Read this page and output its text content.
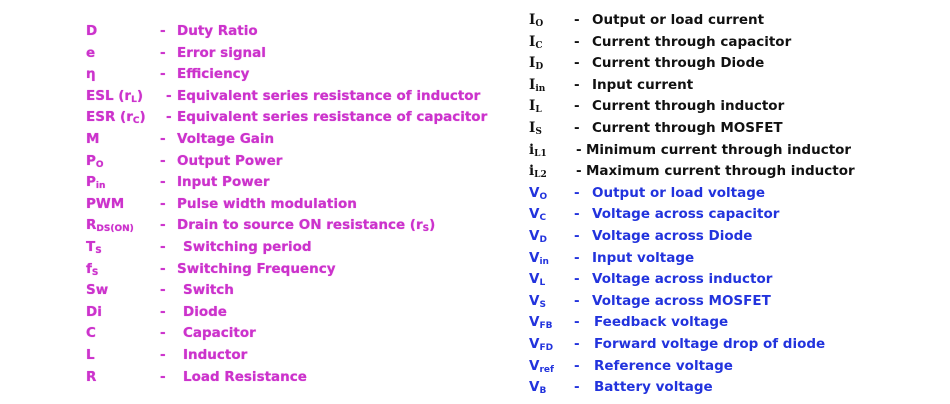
D	- Duty Ratio
e	- Error signal
η	- Efficiency
ESL $(r_L)$ - Equivalent series resistance of inductor
ESR $(r_C)$ - Equivalent series resistance of capacitor
M	- Voltage Gain
$P_O$	- Output Power
$P_{in}$	- Input Power
PWM	- Pulse width modulation
$R_{DS(ON)}$ - Drain to source ON resistance $(r_S)$
$T_S$	- Switching period
$f_S$	- Switching Frequency
Sw	- Switch
Di	- Diode
C	- Capacitor
L	- Inductor
R	- Load Resistance
$I_O$ - Output or load current
$I_C$ - Current through capacitor
$I_D$ - Current through Diode
$I_{in}$ - Input current
$I_L$ - Current through inductor
$I_S$ - Current through MOSFET
$i_{L1}$ - Minimum current through inductor
$i_{L2}$ - Maximum current through inductor
$V_O$ - Output or load voltage
$V_C$ - Voltage across capacitor
$V_D$ - Voltage across Diode
$V_{in}$ - Input voltage
$V_L$ - Voltage across inductor
$V_S$ - Voltage across MOSFET
$V_{FB}$ - Feedback voltage
$V_{FD}$ - Forward voltage drop of diode
$V_{ref}$ - Reference voltage
$V_B$ - Battery voltage
